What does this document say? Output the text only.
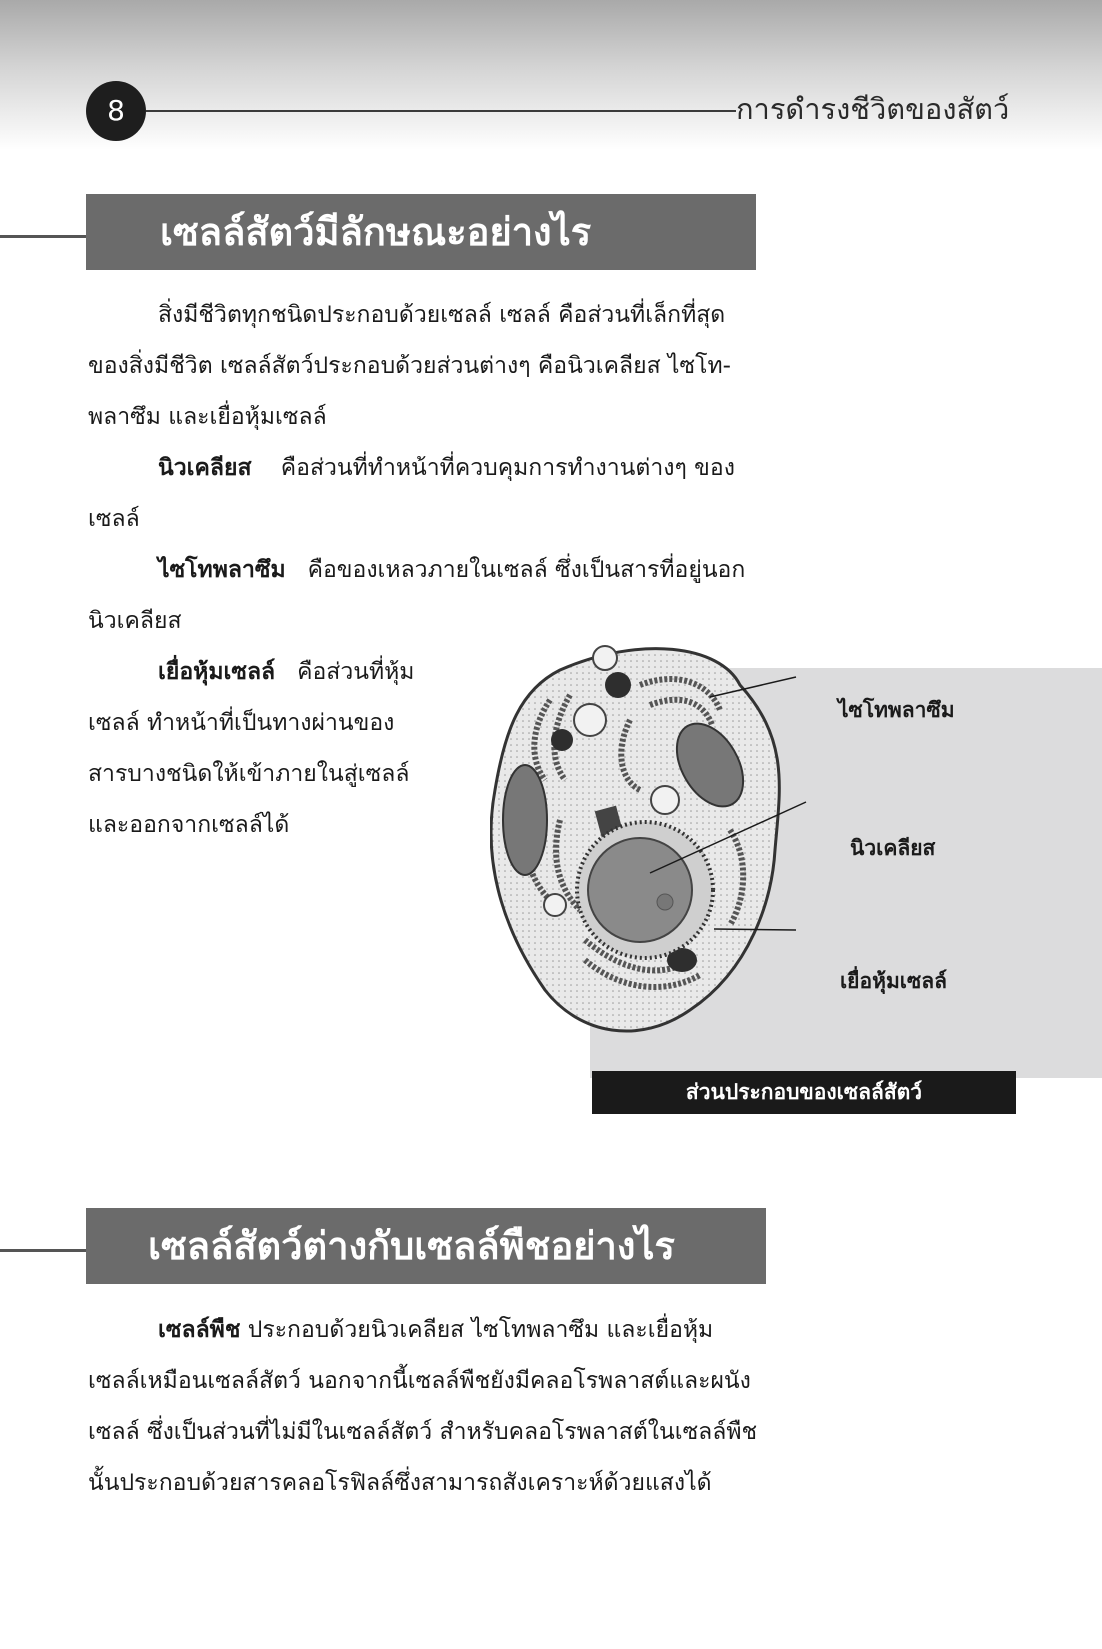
8	การดำรงชีวิตของสัตว์
เซลล์สัตว์มีลักษณะอย่างไร

สิ่งมีชีวิตทุกชนิดประกอบด้วยเซลล์ เซลล์ คือส่วนที่เล็กที่สุดของสิ่งมีชีวิต เซลล์สัตว์ประกอบด้วยส่วนต่างๆ คือนิวเคลียส ไซโท-พลาซึม และเยื่อหุ้มเซลล์

นิวเคลียส คือส่วนที่ทำหน้าที่ควบคุมการทำงานต่างๆ ของเซลล์

ไซโทพลาซึม คือของเหลวภายในเซลล์ ซึ่งเป็นสารที่อยู่นอกนิวเคลียส

เยื่อหุ้มเซลล์ คือส่วนที่หุ้มเซลล์ ทำหน้าที่เป็นทางผ่านของสารบางชนิดให้เข้าภายในสู่เซลล์และออกจากเซลล์ได้

ไซโทพลาซึม
นิวเคลียส
เยื่อหุ้มเซลล์
ส่วนประกอบของเซลล์สัตว์
เซลล์สัตว์ต่างกับเซลล์พืชอย่างไร

เซลล์พืช ประกอบด้วยนิวเคลียส ไซโทพลาซึม และเยื่อหุ้มเซลล์เหมือนเซลล์สัตว์ นอกจากนี้เซลล์พืชยังมีคลอโรพลาสต์และผนังเซลล์ ซึ่งเป็นส่วนที่ไม่มีในเซลล์สัตว์ สำหรับคลอโรพลาสต์ในเซลล์พืชนั้นประกอบด้วยสารคลอโรฟิลล์ซึ่งสามารถสังเคราะห์ด้วยแสงได้
